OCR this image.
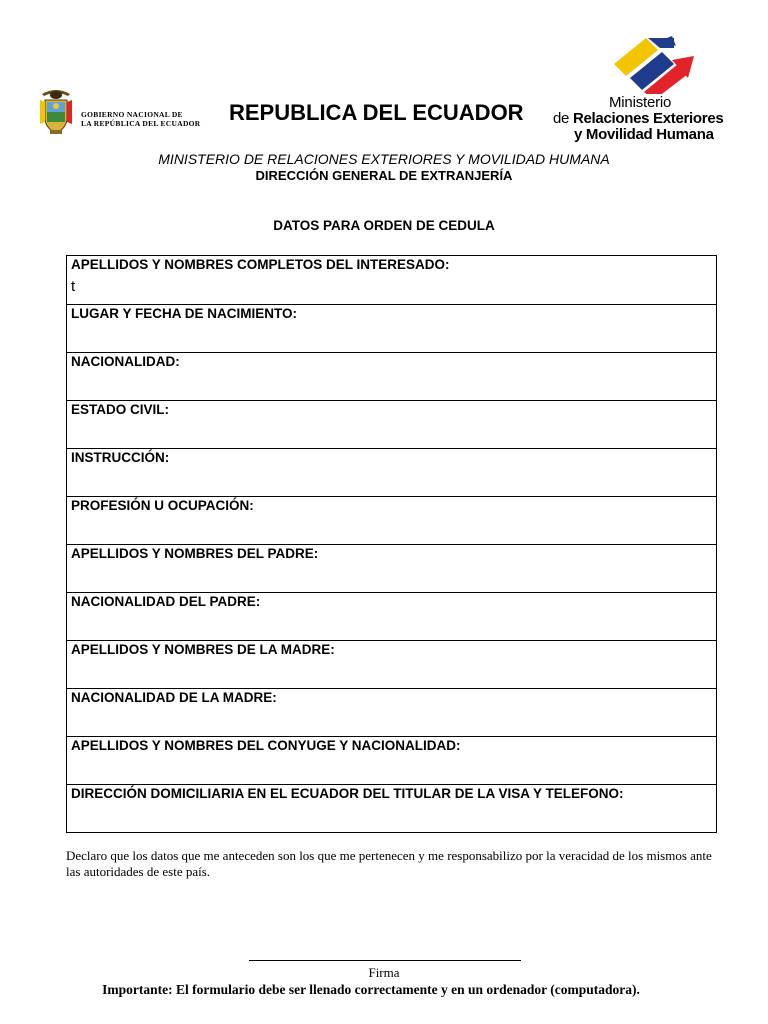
GOBIERNO NACIONAL DE
LA REPÚBLICA DEL ECUADOR REPUBLICA DEL ECUADOR	Ministerio
de Relaciones Exteriores
y Movilidad Humana
MINISTERIO DE RELACIONES EXTERIORES Y MOVILIDAD HUMANA
DIRECCIÓN GENERAL DE EXTRANJERÍA
DATOS PARA ORDEN DE CEDULA
APELLIDOS Y NOMBRES COMPLETOS DEL INTERESADO:
t
LUGAR Y FECHA DE NACIMIENTO:
NACIONALIDAD:
ESTADO CIVIL:
INSTRUCCIÓN:
PROFESIÓN U OCUPACIÓN:
APELLIDOS Y NOMBRES DEL PADRE:
NACIONALIDAD DEL PADRE:
APELLIDOS Y NOMBRES DE LA MADRE:
NACIONALIDAD DE LA MADRE:
APELLIDOS Y NOMBRES DEL CONYUGE Y NACIONALIDAD:
DIRECCIÓN DOMICILIARIA EN EL ECUADOR DEL TITULAR DE LA VISA Y TELEFONO:
Declaro que los datos que me anteceden son los que me pertenecen y me responsabilizo por la veracidad de los mismos ante las autoridades de este país.
Firma
Importante: El formulario debe ser llenado correctamente y en un ordenador (computadora).
